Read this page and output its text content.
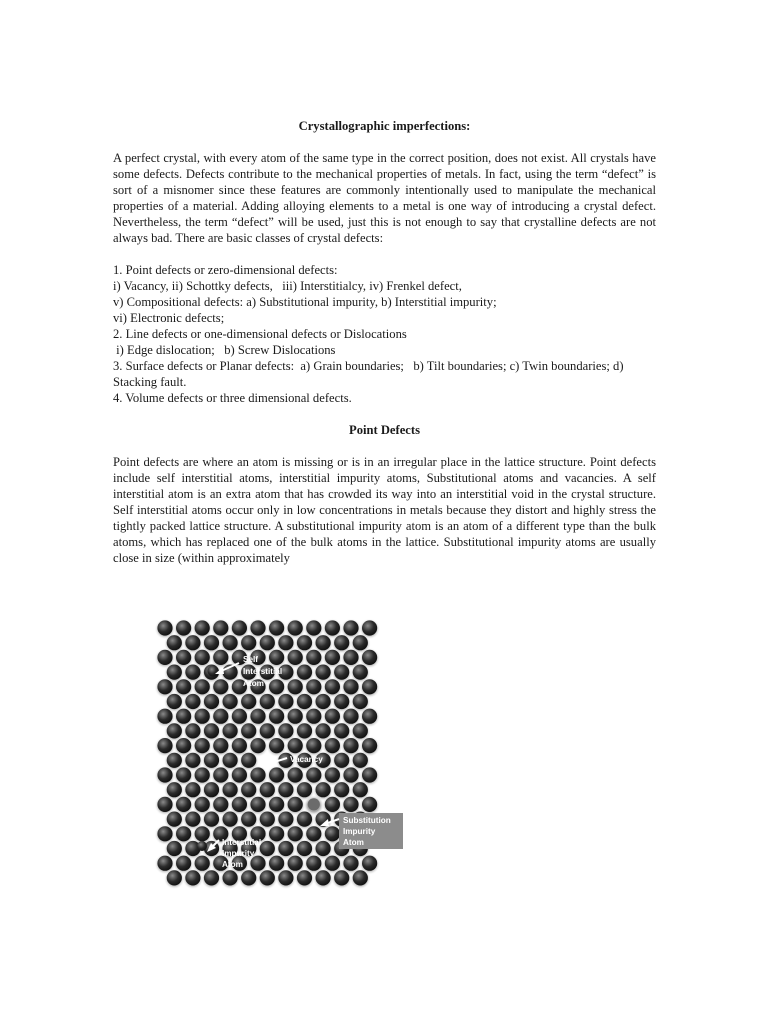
Crystallographic imperfections:
A perfect crystal, with every atom of the same type in the correct position, does not exist. All crystals have some defects. Defects contribute to the mechanical properties of metals. In fact, using the term “defect” is sort of a misnomer since these features are commonly intentionally used to manipulate the mechanical properties of a material. Adding alloying elements to a metal is one way of introducing a crystal defect. Nevertheless, the term “defect” will be used, just this is not enough to say that crystalline defects are not always bad. There are basic classes of crystal defects:
1. Point defects or zero-dimensional defects:
i) Vacancy, ii) Schottky defects,   iii) Interstitialcy, iv) Frenkel defect,
v) Compositional defects: a) Substitutional impurity, b) Interstitial impurity;
vi) Electronic defects;
2. Line defects or one-dimensional defects or Dislocations
i) Edge dislocation;   b) Screw Dislocations
3. Surface defects or Planar defects:  a) Grain boundaries;   b) Tilt boundaries; c) Twin boundaries; d) Stacking fault.
4. Volume defects or three dimensional defects.
Point Defects
Point defects are where an atom is missing or is in an irregular place in the lattice structure. Point defects include self interstitial atoms, interstitial impurity atoms, Substitutional atoms and vacancies. A self interstitial atom is an extra atom that has crowded its way into an interstitial void in the crystal structure. Self interstitial atoms occur only in low concentrations in metals because they distort and highly stress the tightly packed lattice structure. A substitutional impurity atom is an atom of a different type than the bulk atoms, which has replaced one of the bulk atoms in the lattice. Substitutional impurity atoms are usually close in size (within approximately
Self
Interstitial
Atom
Vacancy
Substitution
Impurity
Atom
Interstitial
Impurity
Atom
